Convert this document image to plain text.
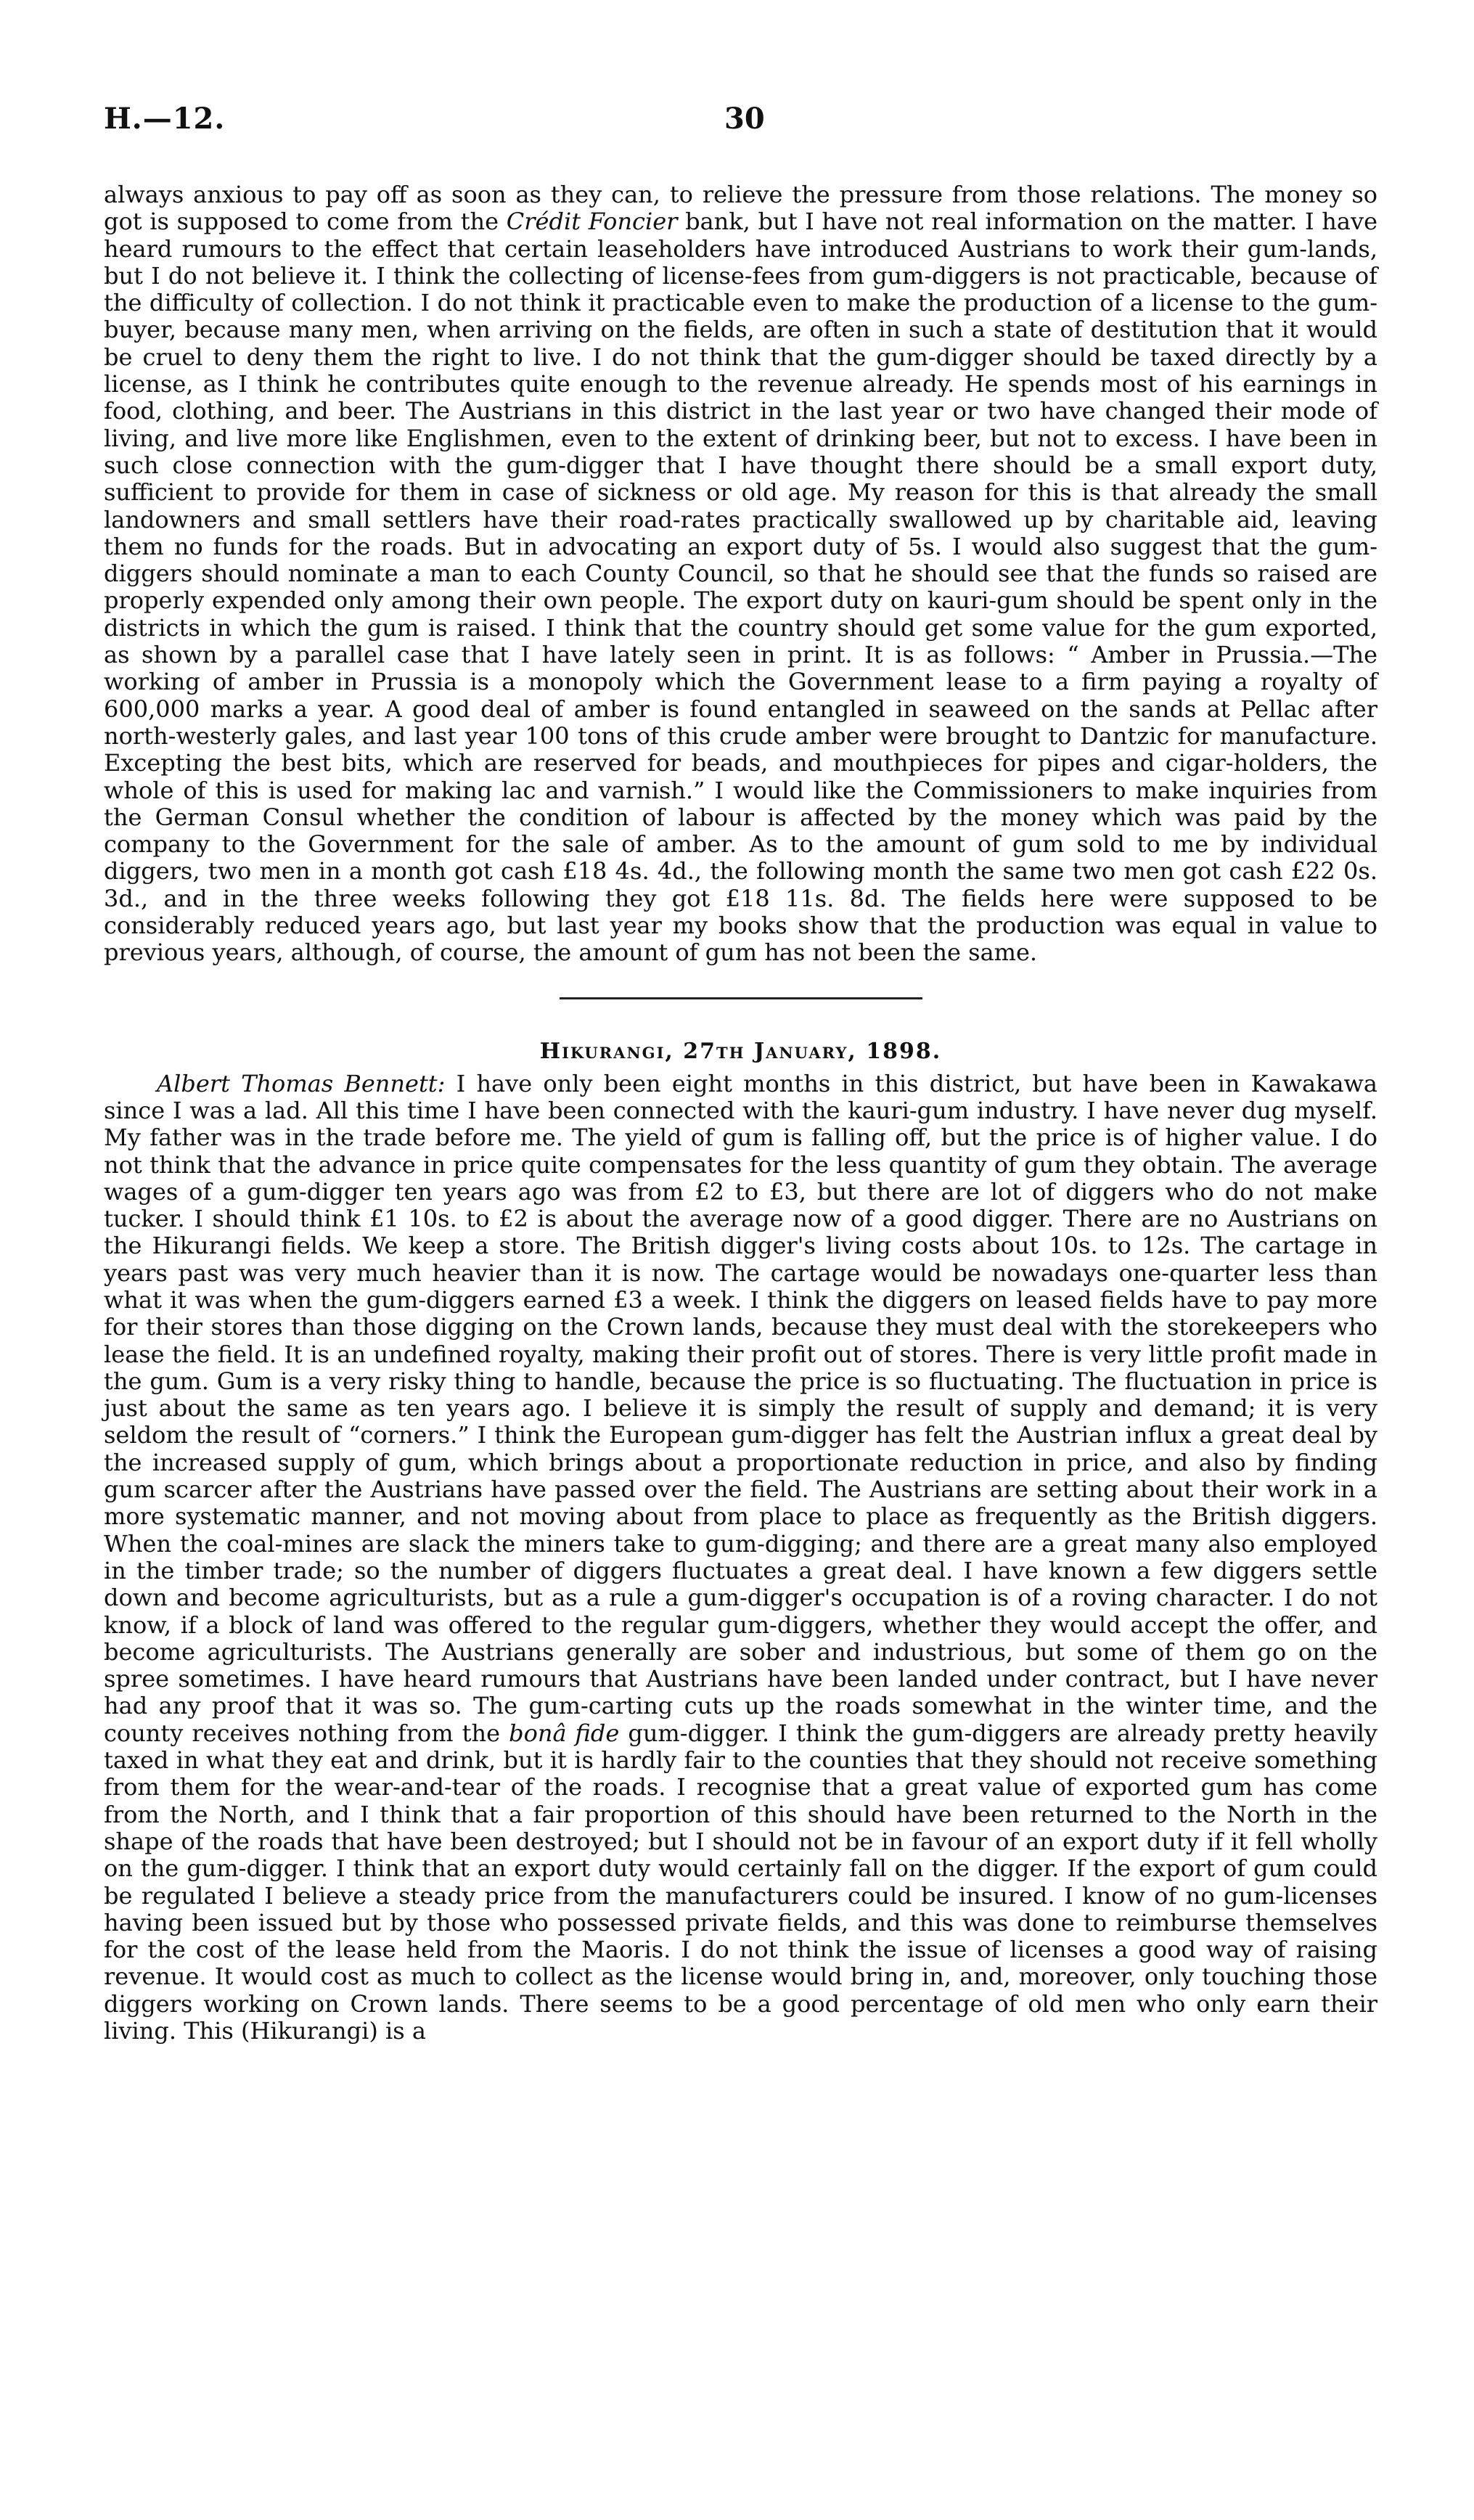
H.—12.	30

always anxious to pay off as soon as they can, to relieve the pressure from those relations. The money so got is supposed to come from the Crédit Foncier bank, but I have not real information on the matter. I have heard rumours to the effect that certain leaseholders have introduced Austrians to work their gum-lands, but I do not believe it. I think the collecting of license-fees from gum-diggers is not practicable, because of the difficulty of collection. I do not think it practicable even to make the production of a license to the gum-buyer, because many men, when arriving on the fields, are often in such a state of destitution that it would be cruel to deny them the right to live. I do not think that the gum-digger should be taxed directly by a license, as I think he contributes quite enough to the revenue already. He spends most of his earnings in food, clothing, and beer. The Austrians in this district in the last year or two have changed their mode of living, and live more like Englishmen, even to the extent of drinking beer, but not to excess. I have been in such close connection with the gum-digger that I have thought there should be a small export duty, sufficient to provide for them in case of sickness or old age. My reason for this is that already the small landowners and small settlers have their road-rates practically swallowed up by charitable aid, leaving them no funds for the roads. But in advocating an export duty of 5s. I would also suggest that the gum-diggers should nominate a man to each County Council, so that he should see that the funds so raised are properly expended only among their own people. The export duty on kauri-gum should be spent only in the districts in which the gum is raised. I think that the country should get some value for the gum exported, as shown by a parallel case that I have lately seen in print. It is as follows: “ Amber in Prussia.—The working of amber in Prussia is a monopoly which the Government lease to a firm paying a royalty of 600,000 marks a year. A good deal of amber is found entangled in seaweed on the sands at Pellac after north-westerly gales, and last year 100 tons of this crude amber were brought to Dantzic for manufacture. Excepting the best bits, which are reserved for beads, and mouthpieces for pipes and cigar-holders, the whole of this is used for making lac and varnish.” I would like the Commissioners to make inquiries from the German Consul whether the condition of labour is affected by the money which was paid by the company to the Government for the sale of amber. As to the amount of gum sold to me by individual diggers, two men in a month got cash £18 4s. 4d., the following month the same two men got cash £22 0s. 3d., and in the three weeks following they got £18 11s. 8d. The fields here were supposed to be considerably reduced years ago, but last year my books show that the production was equal in value to previous years, although, of course, the amount of gum has not been the same.

Hikurangi, 27th January, 1898.

Albert Thomas Bennett: I have only been eight months in this district, but have been in Kawakawa since I was a lad. All this time I have been connected with the kauri-gum industry. I have never dug myself. My father was in the trade before me. The yield of gum is falling off, but the price is of higher value. I do not think that the advance in price quite compensates for the less quantity of gum they obtain. The average wages of a gum-digger ten years ago was from £2 to £3, but there are lot of diggers who do not make tucker. I should think £1 10s. to £2 is about the average now of a good digger. There are no Austrians on the Hikurangi fields. We keep a store. The British digger's living costs about 10s. to 12s. The cartage in years past was very much heavier than it is now. The cartage would be nowadays one-quarter less than what it was when the gum-diggers earned £3 a week. I think the diggers on leased fields have to pay more for their stores than those digging on the Crown lands, because they must deal with the storekeepers who lease the field. It is an undefined royalty, making their profit out of stores. There is very little profit made in the gum. Gum is a very risky thing to handle, because the price is so fluctuating. The fluctuation in price is just about the same as ten years ago. I believe it is simply the result of supply and demand; it is very seldom the result of “corners.” I think the European gum-digger has felt the Austrian influx a great deal by the increased supply of gum, which brings about a proportionate reduction in price, and also by finding gum scarcer after the Austrians have passed over the field. The Austrians are setting about their work in a more systematic manner, and not moving about from place to place as frequently as the British diggers. When the coal-mines are slack the miners take to gum-digging; and there are a great many also employed in the timber trade; so the number of diggers fluctuates a great deal. I have known a few diggers settle down and become agriculturists, but as a rule a gum-digger's occupation is of a roving character. I do not know, if a block of land was offered to the regular gum-diggers, whether they would accept the offer, and become agriculturists. The Austrians generally are sober and industrious, but some of them go on the spree sometimes. I have heard rumours that Austrians have been landed under contract, but I have never had any proof that it was so. The gum-carting cuts up the roads somewhat in the winter time, and the county receives nothing from the bonâ fide gum-digger. I think the gum-diggers are already pretty heavily taxed in what they eat and drink, but it is hardly fair to the counties that they should not receive something from them for the wear-and-tear of the roads. I recognise that a great value of exported gum has come from the North, and I think that a fair proportion of this should have been returned to the North in the shape of the roads that have been destroyed; but I should not be in favour of an export duty if it fell wholly on the gum-digger. I think that an export duty would certainly fall on the digger. If the export of gum could be regulated I believe a steady price from the manufacturers could be insured. I know of no gum-licenses having been issued but by those who possessed private fields, and this was done to reimburse themselves for the cost of the lease held from the Maoris. I do not think the issue of licenses a good way of raising revenue. It would cost as much to collect as the license would bring in, and, moreover, only touching those diggers working on Crown lands. There seems to be a good percentage of old men who only earn their living. This (Hikurangi) is a
